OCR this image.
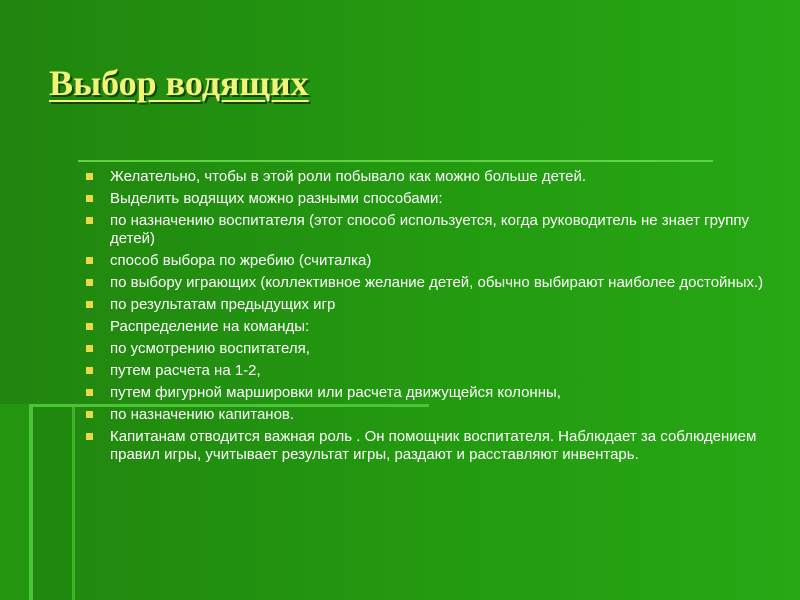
Выбор водящих
Желательно, чтобы в этой роли побывало как можно больше детей.
Выделить водящих можно разными способами:
по назначению воспитателя (этот способ используется, когда руководитель не знает группу детей)
способ выбора по жребию (считалка)
по выбору играющих (коллективное желание детей, обычно выбирают наиболее достойных.)
по результатам предыдущих игр
Распределение на команды:
по усмотрению воспитателя,
путем расчета на 1-2,
путем фигурной маршировки или расчета движущейся колонны,
по назначению капитанов.
Капитанам отводится важная роль . Он помощник воспитателя. Наблюдает за соблюдением правил игры, учитывает результат игры, раздают и расставляют инвентарь.
